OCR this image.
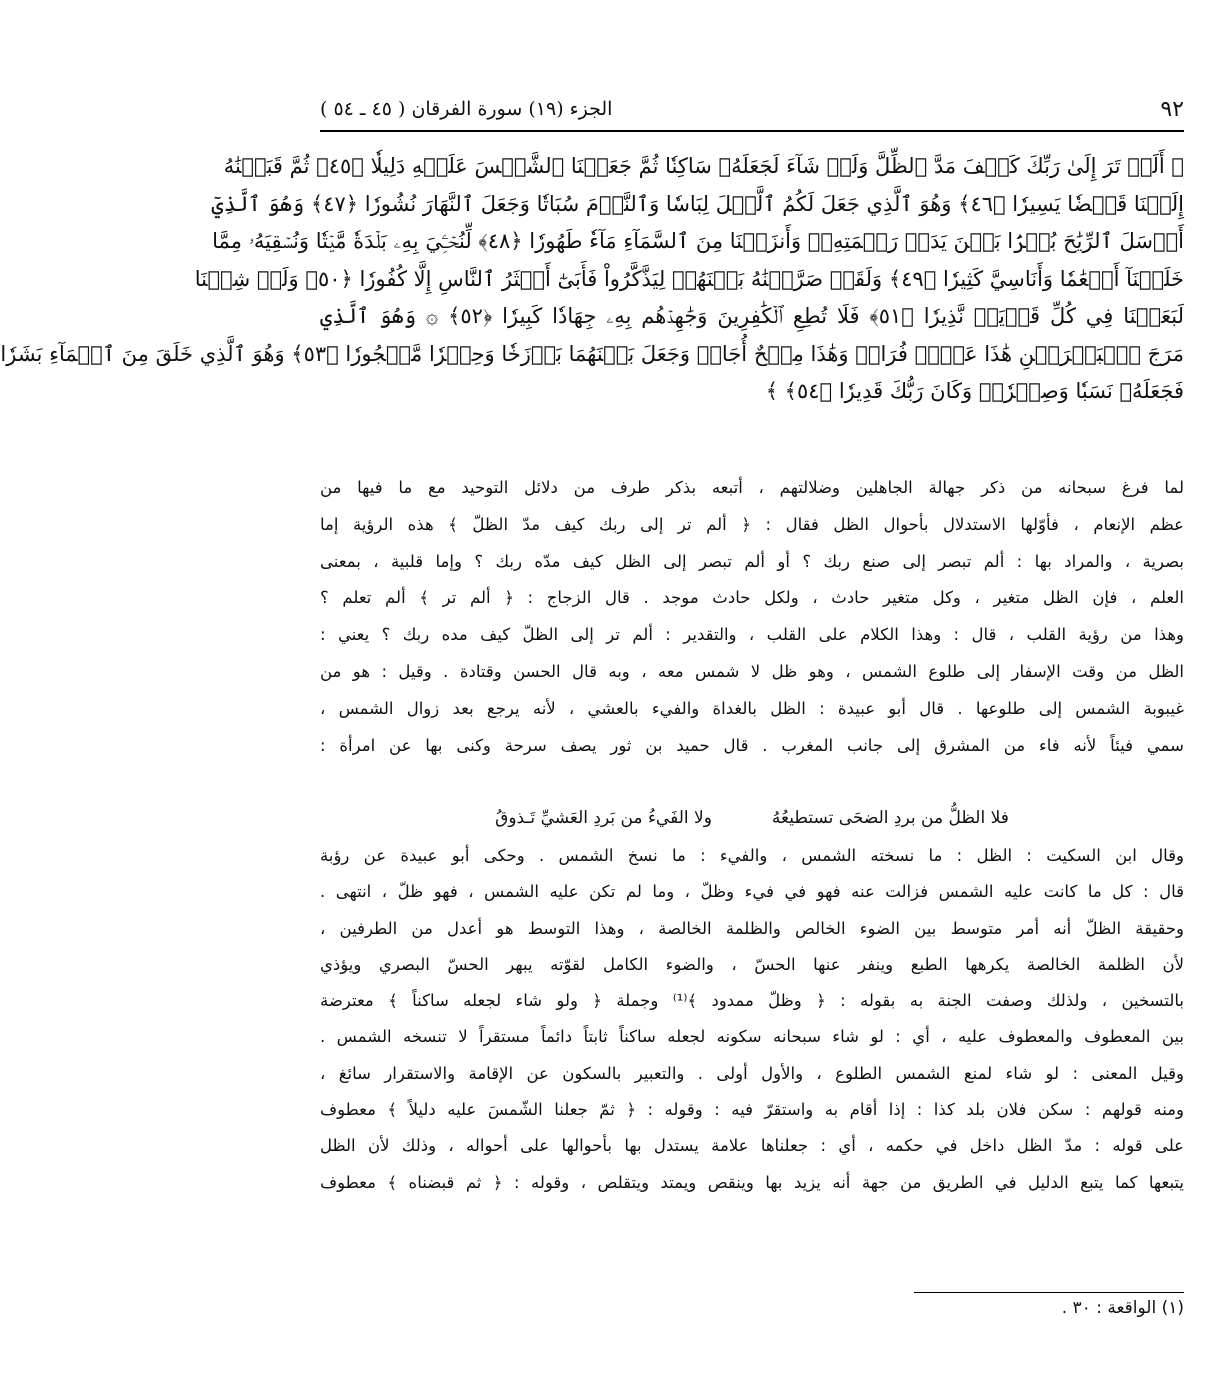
٩٢
الجزء (١٩) سورة الفرقان ( ٤٥ ـ ٥٤ )
﴿ أَلَمۡ تَرَ إِلَىٰ رَبِّكَ كَيۡفَ مَدَّ ٱلظِّلَّ وَلَوۡ شَآءَ لَجَعَلَهُۥ سَاكِنٗا ثُمَّ جَعَلۡنَا ٱلشَّمۡسَ عَلَيۡهِ دَلِيلٗا ﴿٤٥﴾ ثُمَّ قَبَضۡنَٰهُ
إِلَيۡنَا قَبۡضٗا يَسِيرٗا ﴿٤٦﴾ وَهُوَ ٱلَّذِي جَعَلَ لَكُمُ ٱلَّيۡلَ لِبَاسٗا وَٱلنَّوۡمَ سُبَاتٗا وَجَعَلَ ٱلنَّهَارَ نُشُورٗا ﴿٤٧﴾ وَهُوَ ٱلَّذِيٓ
أَرۡسَلَ ٱلرِّيَٰحَ بُشۡرَۢا بَيۡنَ يَدَيۡ رَحۡمَتِهِۦۚ وَأَنزَلۡنَا مِنَ ٱلسَّمَآءِ مَآءٗ طَهُورٗا ﴿٤٨﴾ لِّنُحۡـِۧيَ بِهِۦ بَلۡدَةٗ مَّيۡتٗا وَنُسۡقِيَهُۥ مِمَّا
خَلَقۡنَآ أَنۡعَٰمٗا وَأَنَاسِيَّ كَثِيرٗا ﴿٤٩﴾ وَلَقَدۡ صَرَّفۡنَٰهُ بَيۡنَهُمۡ لِيَذَّكَّرُواْ فَأَبَىٰٓ أَكۡثَرُ ٱلنَّاسِ إِلَّا كُفُورٗا ﴿٥٠﴾ وَلَوۡ شِئۡنَا
لَبَعَثۡنَا فِي كُلِّ قَرۡيَةٖ نَّذِيرٗا ﴿٥١﴾ فَلَا تُطِعِ ٱلۡكَٰفِرِينَ وَجَٰهِدۡهُم بِهِۦ جِهَادٗا كَبِيرٗا ﴿٥٢﴾ ۞ وَهُوَ ٱلَّذِي
مَرَجَ ٱلۡبَحۡرَيۡنِ هَٰذَا عَذۡبٞ فُرَاتٞ وَهَٰذَا مِلۡحٌ أُجَاجٞ وَجَعَلَ بَيۡنَهُمَا بَرۡزَخٗا وَحِجۡرٗا مَّحۡجُورٗا ﴿٥٣﴾ وَهُوَ ٱلَّذِي خَلَقَ مِنَ ٱلۡمَآءِ بَشَرٗا
فَجَعَلَهُۥ نَسَبٗا وَصِهۡرٗاۗ وَكَانَ رَبُّكَ قَدِيرٗا ﴿٥٤﴾ ﴾
لما فرغ سبحانه من ذكر جهالة الجاهلين وضلالتهم ، أتبعه بذكر طرف من دلائل التوحيد مع ما فيها من
عظم الإنعام ، فأوّلها الاستدلال بأحوال الظل فقال : ﴿ ألم تر إلى ربك كيف مدّ الظلّ ﴾ هذه الرؤية إما
بصرية ، والمراد بها : ألم تبصر إلى صنع ربك ؟ أو ألم تبصر إلى الظل كيف مدّه ربك ؟ وإما قلبية ، بمعنى
العلم ، فإن الظل متغير ، وكل متغير حادث ، ولكل حادث موجد . قال الزجاج : ﴿ ألم تر ﴾ ألم تعلم ؟
وهذا من رؤية القلب ، قال : وهذا الكلام على القلب ، والتقدير : ألم تر إلى الظلّ كيف مده ربك ؟ يعني :
الظل من وقت الإسفار إلى طلوع الشمس ، وهو ظل لا شمس معه ، وبه قال الحسن وقتادة . وقيل : هو من
غيبوبة الشمس إلى طلوعها . قال أبو عبيدة : الظل بالغداة والفيء بالعشي ، لأنه يرجع بعد زوال الشمس ،
سمي فيئاً لأنه فاء من المشرق إلى جانب المغرب . قال حميد بن ثور يصف سرحة وكنى بها عن امرأة :
فلا الظلُّ من بردِ الضحَى تستطيعُهُ
ولا الفَيءُ من بَردِ العَشيِّ تَـذوقُ
وقال ابن السكيت : الظل : ما نسخته الشمس ، والفيء : ما نسخ الشمس . وحكى أبو عبيدة عن رؤبة
قال : كل ما كانت عليه الشمس فزالت عنه فهو في فيء وظلّ ، وما لم تكن عليه الشمس ، فهو ظلّ ، انتهى .
وحقيقة الظلّ أنه أمر متوسط بين الضوء الخالص والظلمة الخالصة ، وهذا التوسط هو أعدل من الطرفين ،
لأن الظلمة الخالصة يكرهها الطبع وينفر عنها الحسّ ، والضوء الكامل لقوّته يبهر الحسّ البصري ويؤذي
بالتسخين ، ولذلك وصفت الجنة به بقوله : ﴿ وظلّ ممدود ﴾⁽¹⁾ وجملة ﴿ ولو شاء لجعله ساكناً ﴾ معترضة
بين المعطوف والمعطوف عليه ، أي : لو شاء سبحانه سكونه لجعله ساكناً ثابتاً دائماً مستقراً لا تنسخه الشمس .
وقيل المعنى : لو شاء لمنع الشمس الطلوع ، والأول أولى . والتعبير بالسكون عن الإقامة والاستقرار سائغ ،
ومنه قولهم : سكن فلان بلد كذا : إذا أقام به واستقرّ فيه : وقوله : ﴿ ثمّ جعلنا الشّمسَ عليه دليلاً ﴾ معطوف
على قوله : مدّ الظل داخل في حكمه ، أي : جعلناها علامة يستدل بها بأحوالها على أحواله ، وذلك لأن الظل
يتبعها كما يتبع الدليل في الطريق من جهة أنه يزيد بها وينقص ويمتد ويتقلص ، وقوله : ﴿ ثم قبضناه ﴾ معطوف
(١) الواقعة : ٣٠ .
